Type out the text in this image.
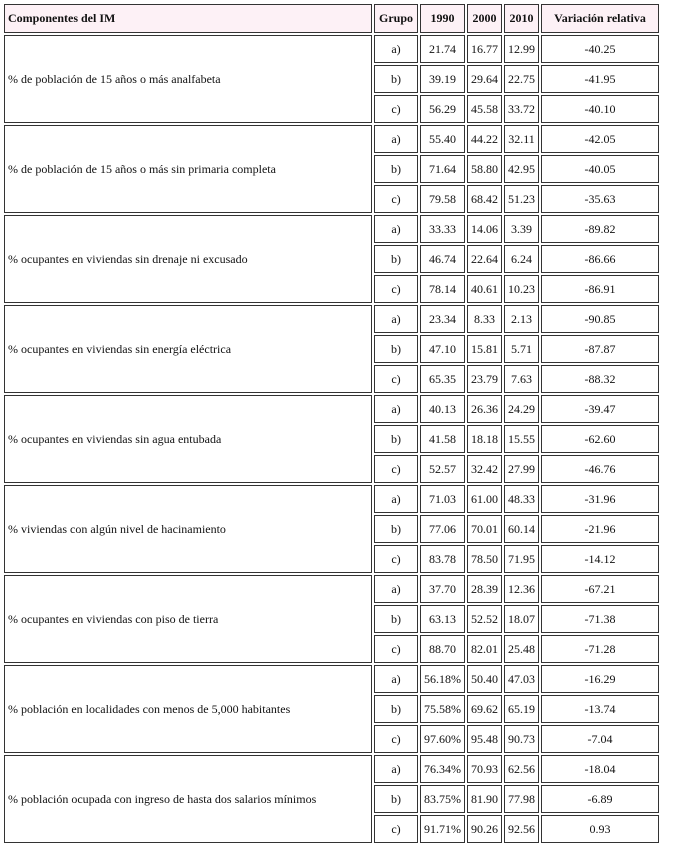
Componentes del IM	Grupo	1990	2000	2010	Variación relativa
% de población de 15 años o más analfabeta	a)	21.74	16.77	12.99	-40.25
	b)	39.19	29.64	22.75	-41.95
	c)	56.29	45.58	33.72	-40.10
% de población de 15 años o más sin primaria completa	a)	55.40	44.22	32.11	-42.05
	b)	71.64	58.80	42.95	-40.05
	c)	79.58	68.42	51.23	-35.63
% ocupantes en viviendas sin drenaje ni excusado	a)	33.33	14.06	3.39	-89.82
	b)	46.74	22.64	6.24	-86.66
	c)	78.14	40.61	10.23	-86.91
% ocupantes en viviendas sin energía eléctrica	a)	23.34	8.33	2.13	-90.85
	b)	47.10	15.81	5.71	-87.87
	c)	65.35	23.79	7.63	-88.32
% ocupantes en viviendas sin agua entubada	a)	40.13	26.36	24.29	-39.47
	b)	41.58	18.18	15.55	-62.60
	c)	52.57	32.42	27.99	-46.76
% viviendas con algún nivel de hacinamiento	a)	71.03	61.00	48.33	-31.96
	b)	77.06	70.01	60.14	-21.96
	c)	83.78	78.50	71.95	-14.12
% ocupantes en viviendas con piso de tierra	a)	37.70	28.39	12.36	-67.21
	b)	63.13	52.52	18.07	-71.38
	c)	88.70	82.01	25.48	-71.28
% población en localidades con menos de 5,000 habitantes	a)	56.18%	50.40	47.03	-16.29
	b)	75.58%	69.62	65.19	-13.74
	c)	97.60%	95.48	90.73	-7.04
% población ocupada con ingreso de hasta dos salarios mínimos	a)	76.34%	70.93	62.56	-18.04
	b)	83.75%	81.90	77.98	-6.89
	c)	91.71%	90.26	92.56	0.93
